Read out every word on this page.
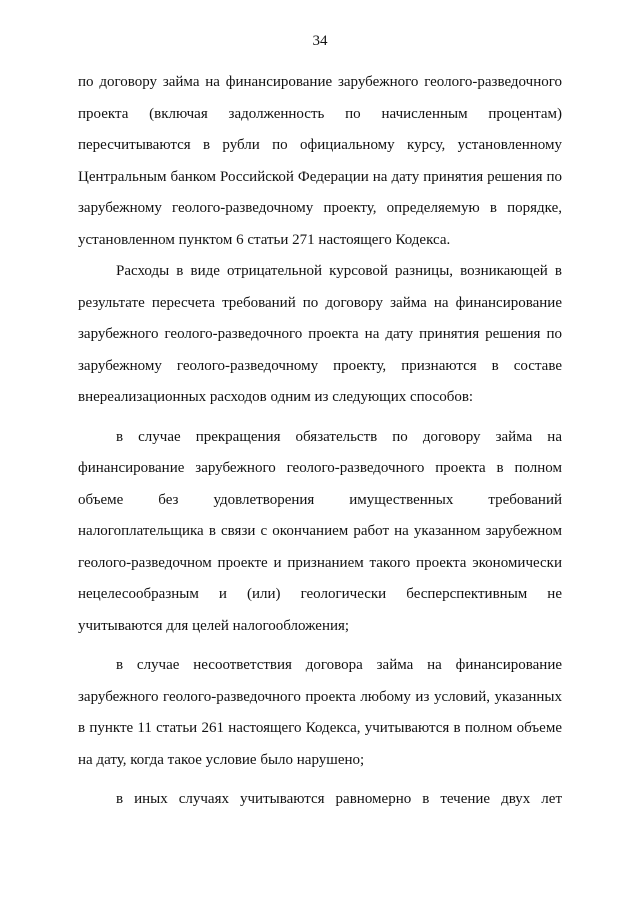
34
по договору займа на финансирование зарубежного геолого-разведочного
проекта (включая задолженность по начисленным процентам)
пересчитываются в рубли по официальному курсу, установленному
Центральным банком Российской Федерации на дату принятия решения по
зарубежному геолого-разведочному проекту, определяемую в порядке,
установленном пунктом 6 статьи 271 настоящего Кодекса.
Расходы в виде отрицательной курсовой разницы, возникающей в
результате пересчета требований по договору займа на финансирование
зарубежного геолого-разведочного проекта на дату принятия решения по
зарубежному геолого-разведочному проекту, признаются в составе
внереализационных расходов одним из следующих способов:
в случае прекращения обязательств по договору займа на
финансирование зарубежного геолого-разведочного проекта в полном
объеме без удовлетворения имущественных требований
налогоплательщика в связи с окончанием работ на указанном зарубежном
геолого-разведочном проекте и признанием такого проекта экономически
нецелесообразным и (или) геологически бесперспективным не
учитываются для целей налогообложения;
в случае несоответствия договора займа на финансирование
зарубежного геолого-разведочного проекта любому из условий, указанных
в пункте 11 статьи 261 настоящего Кодекса, учитываются в полном объеме
на дату, когда такое условие было нарушено;
в иных случаях учитываются равномерно в течение двух лет
